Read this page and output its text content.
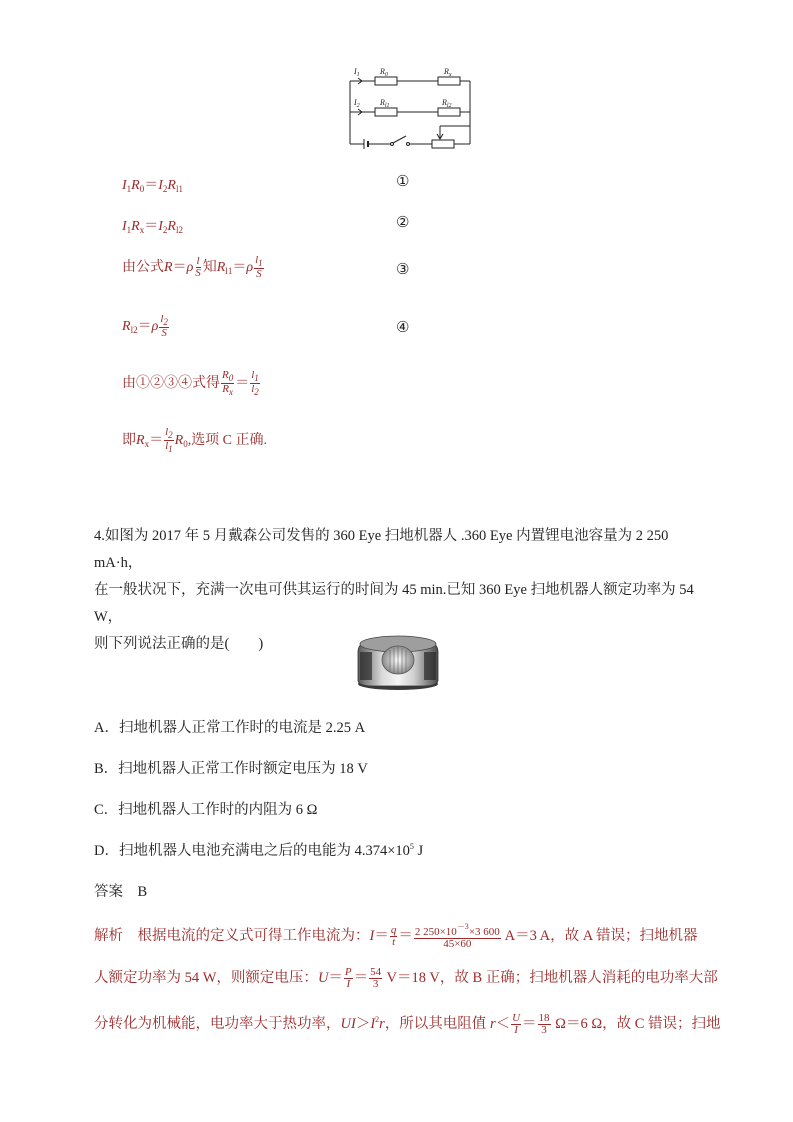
$I_1$	$R_0$	$R_x$
$I_2$	$R_{l1}$	$R_{l2}$
$I_1R_0=I_2R_{l1}$	①
$I_1R_x=I_2R_{l2}$	②
由公式$R=\rho \frac{l}{S}$ 知$R_{l1}=\rho \frac{l_1}{S}$	③
$R_{l2}=\rho \frac{l_2}{S}$	④
由①②③④式得 $\frac{R_0}{R_x} = \frac{l_1}{l_2}$
即$R_x= \frac{l_2}{l_1} R_0$,选项 C 正确.
4.如图为 2017 年 5 月戴森公司发售的 360 Eye 扫地机器人 .360 Eye 内置锂电池容量为 2 250 mA·h，
在一般状况下，充满一次电可供其运行的时间为 45 min.已知 360 Eye 扫地机器人额定功率为 54 W，
则下列说法正确的是(　　)
A．扫地机器人正常工作时的电流是 2.25 A
B．扫地机器人正常工作时额定电压为 18 V
C．扫地机器人工作时的内阻为 6 Ω
D．扫地机器人电池充满电之后的电能为 $4.374\times 10^5$ J
答案　 B
解析　 根据电流的定义式可得工作电流为：$I= \frac{q}{t} = \frac{2 250\times 10^{-3}\times 3 600}{45\times 60} A=3$ A，故 A 错误；扫地机器
人额定功率为 54 W，则额定电压：$U= \frac{P}{I} = \frac{54}{3} V=18$ V，故 B 正确；扫地机器人消耗的电功率大部
分转化为机械能，电功率大于热功率，$UI>I^2r$，所以其电阻值 $r< \frac{U}{I} = \frac{18}{3} \Omega=6$ Ω，故 C 错误；扫地
